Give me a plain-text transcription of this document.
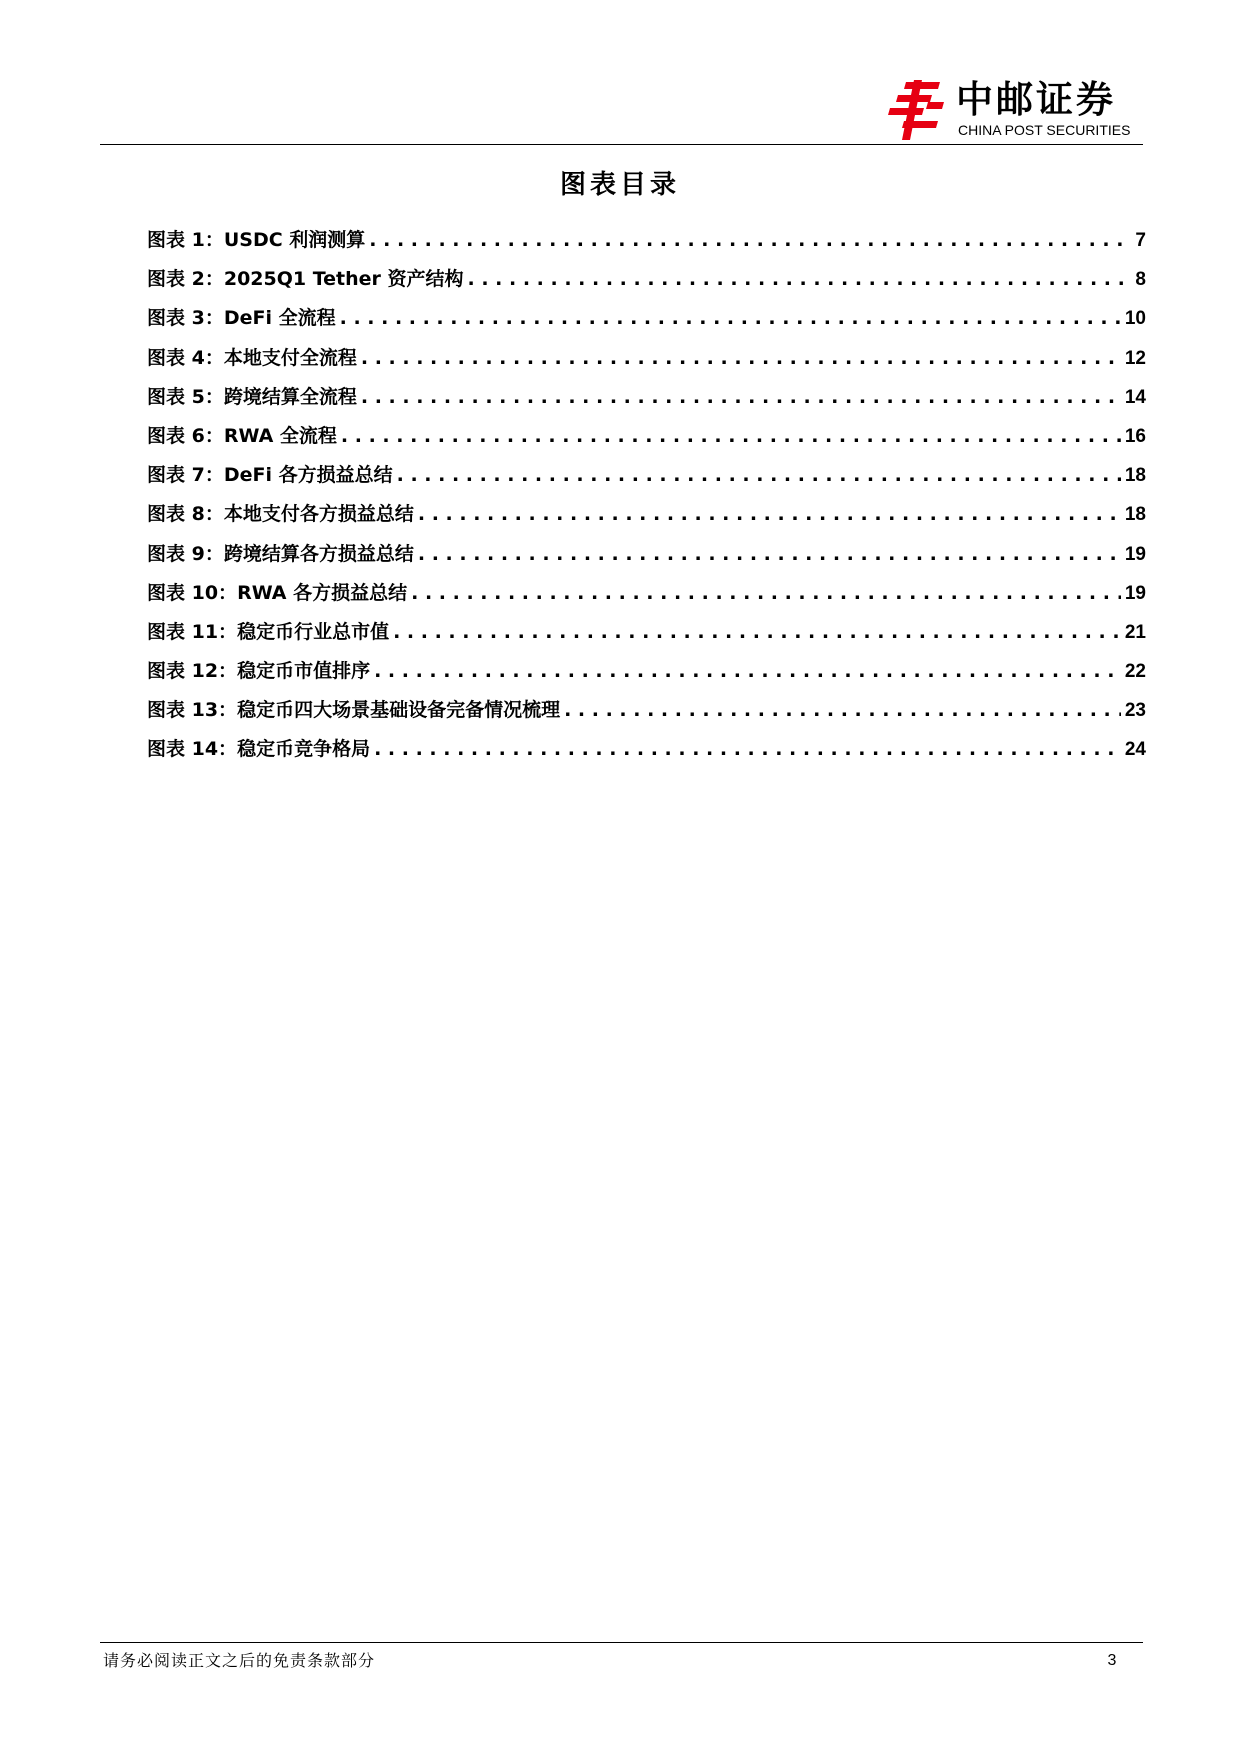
中邮证券
CHINA POST SECURITIES
图表目录
图表 1： USDC 利润测算 . . .	7
图表 2： 2025Q1 Tether 资产结构 . . .	8
图表 3： DeFi 全流程 . . .	10
图表 4： 本地支付全流程 . . .	12
图表 5： 跨境结算全流程 . . .	14
图表 6： RWA 全流程 . . .	16
图表 7： DeFi 各方损益总结 . . .	18
图表 8： 本地支付各方损益总结 . . .	18
图表 9： 跨境结算各方损益总结 . . .	19
图表 10： RWA 各方损益总结 . . .	19
图表 11： 稳定币行业总市值 . . .	21
图表 12： 稳定币市值排序 . . .	22
图表 13： 稳定币四大场景基础设备完备情况梳理 . . .	23
图表 14： 稳定币竞争格局 . . .	24
请务必阅读正文之后的免责条款部分	3
